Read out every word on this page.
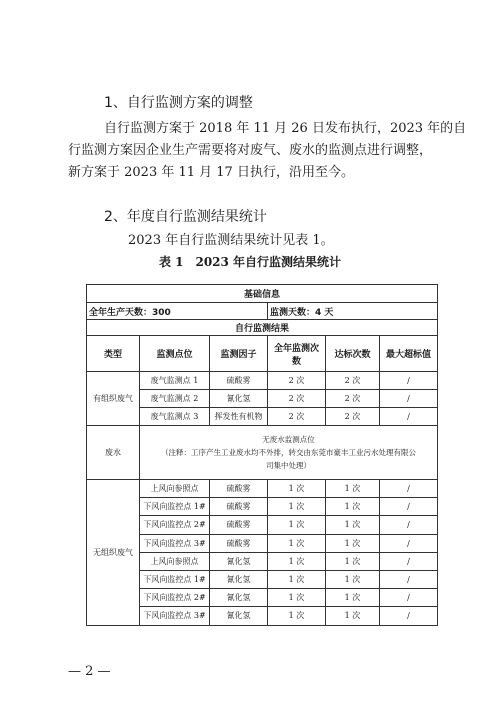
1、自行监测方案的调整
自行监测方案于 2018 年 11 月 26 日发布执行，2023 年的自
行监测方案因企业生产需要将对废气、废水的监测点进行调整，
新方案于 2023 年 11 月 17 日执行，沿用至今。
2、年度自行监测结果统计
2023 年自行监测结果统计见表 1。
表 1　2023 年自行监测结果统计
基础信息					
全年生产天数：300			监测天数：4 天		
自行监测结果					
类型	监测点位	监测因子	全年监测次数	达标次数	最大超标值
有组织废气	废气监测点 1	硫酸雾	2 次	2 次	/
	废气监测点 2	氰化氢	2 次	2 次	/
	废气监测点 3	挥发性有机物	2 次	2 次	/
废水	无废水监测点位
（注释：工序产生工业废水均不外排，转交由东莞市豪丰工业污水处理有限公
司集中处理）				

无组织废气	上风向参照点	硫酸雾	1 次	1 次	/
	下风向监控点 1#	硫酸雾	1 次	1 次	/
	下风向监控点 2#	硫酸雾	1 次	1 次	/
	下风向监控点 3#	硫酸雾	1 次	1 次	/
	上风向参照点	氰化氢	1 次	1 次	/
	下风向监控点 1#	氰化氢	1 次	1 次	/
	下风向监控点 2#	氰化氢	1 次	1 次	/
	下风向监控点 3#	氰化氢	1 次	1 次	/
— 2 —
